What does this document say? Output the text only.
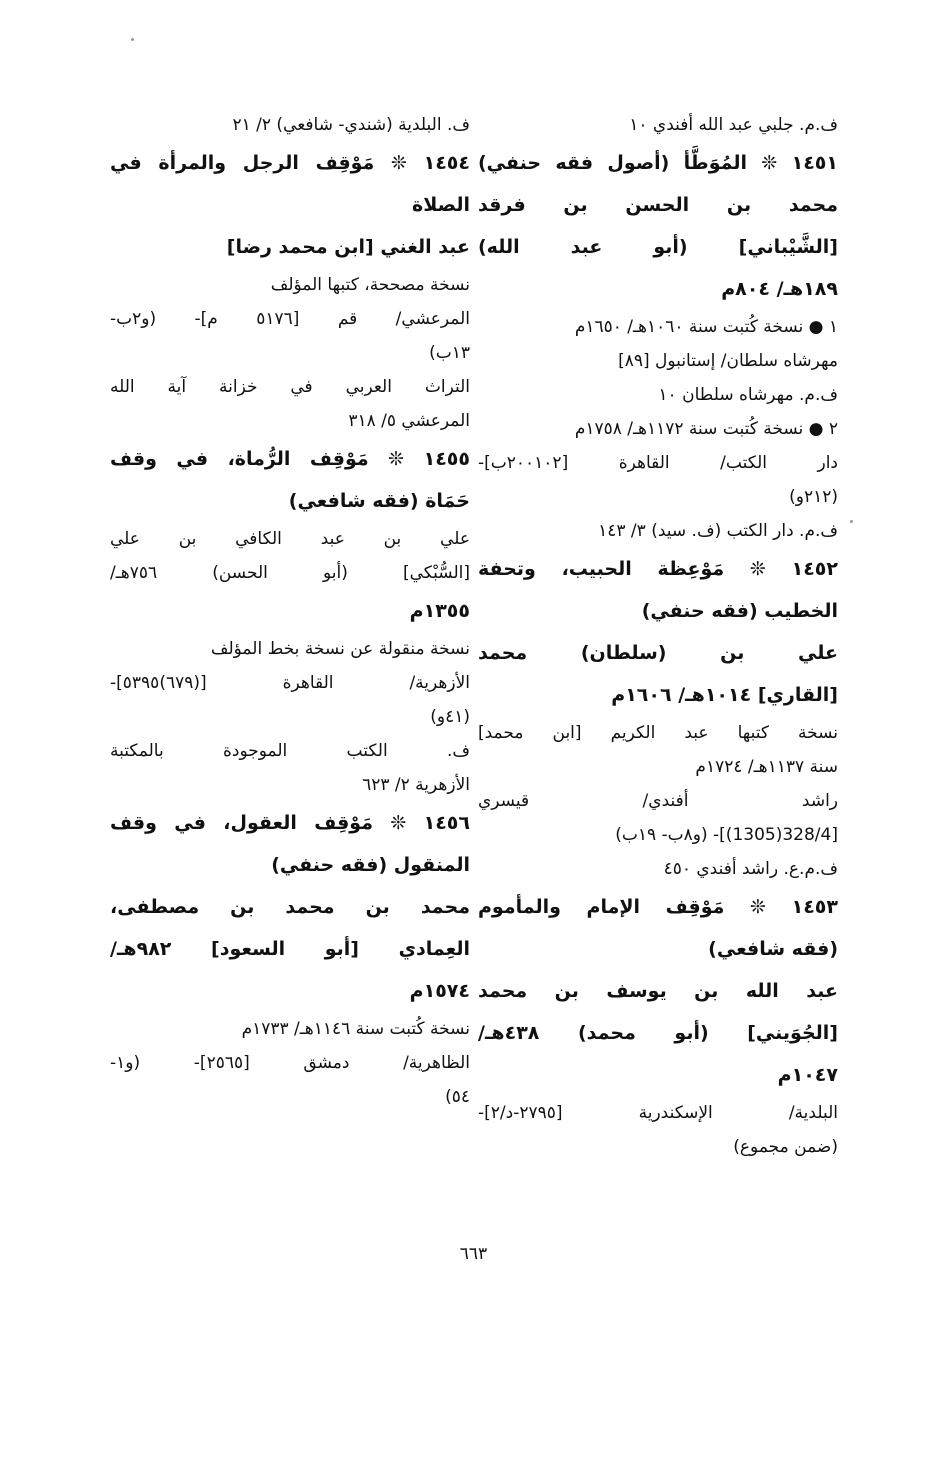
ف.م. جلبي عبد الله أفندي ١٠
١٤٥١ ❊ المُوَطَّأ (أصول فقه حنفي)
محمد بن الحسن بن فرقد
[الشَّيْباني] (أبو عبد الله)
١٨٩هـ/ ٨٠٤م
١ ● نسخة كُتبت سنة ١٠٦٠هـ/ ١٦٥٠م
مهرشاه سلطان/ إستانبول [٨٩]
ف.م. مهرشاه سلطان ١٠
٢ ● نسخة كُتبت سنة ١١٧٢هـ/ ١٧٥٨م
دار الكتب/ القاهرة [٢٠٠١٠٢ب]-
(٢١٢و)
ف.م. دار الكتب (ف. سيد) ٣/ ١٤٣
١٤٥٢ ❊ مَوْعِظة الحبيب، وتحفة
الخطيب (فقه حنفي)
علي بن (سلطان) محمد
[القاري] ١٠١٤هـ/ ١٦٠٦م
نسخة كتبها عبد الكريم [ابن محمد]
سنة ١١٣٧هـ/ ١٧٢٤م
راشد أفندي/ قيسري
[328/4(1305)]- (و٨ب- ١٩ب)
ف.م.ع. راشد أفندي ٤٥٠
١٤٥٣ ❊ مَوْقِف الإمام والمأموم
(فقه شافعي)
عبد الله بن يوسف بن محمد
[الجُوَيني] (أبو محمد) ٤٣٨هـ/
١٠٤٧م
البلدية/ الإسكندرية [٢٧٩٥-د/٢]-
(ضمن مجموع)
ف. البلدية (شندي- شافعي) ٢/ ٢١
١٤٥٤ ❊ مَوْقِف الرجل والمرأة في
الصلاة
عبد الغني [ابن محمد رضا]
نسخة مصححة، كتبها المؤلف
المرعشي/ قم [٥١٧٦ م]- (و٢ب-
١٣ب)
التراث العربي في خزانة آية الله
المرعشي ٥/ ٣١٨
١٤٥٥ ❊ مَوْقِف الرُّماة، في وقف
حَمَاة (فقه شافعي)
علي بن عبد الكافي بن علي
[السُّبْكي] (أبو الحسن) ٧٥٦هـ/
١٣٥٥م
نسخة منقولة عن نسخة بخط المؤلف
الأزهرية/ القاهرة [(٦٧٩)٥٣٩٥]-
(٤١و)
ف. الكتب الموجودة بالمكتبة
الأزهرية ٢/ ٦٢٣
١٤٥٦ ❊ مَوْقِف العقول، في وقف
المنقول (فقه حنفي)
محمد بن محمد بن مصطفى،
العِمادي [أبو السعود] ٩٨٢هـ/
١٥٧٤م
نسخة كُتبت سنة ١١٤٦هـ/ ١٧٣٣م
الظاهرية/ دمشق [٢٥٦٥]- (و١-
٥٤)
٦٦٣
